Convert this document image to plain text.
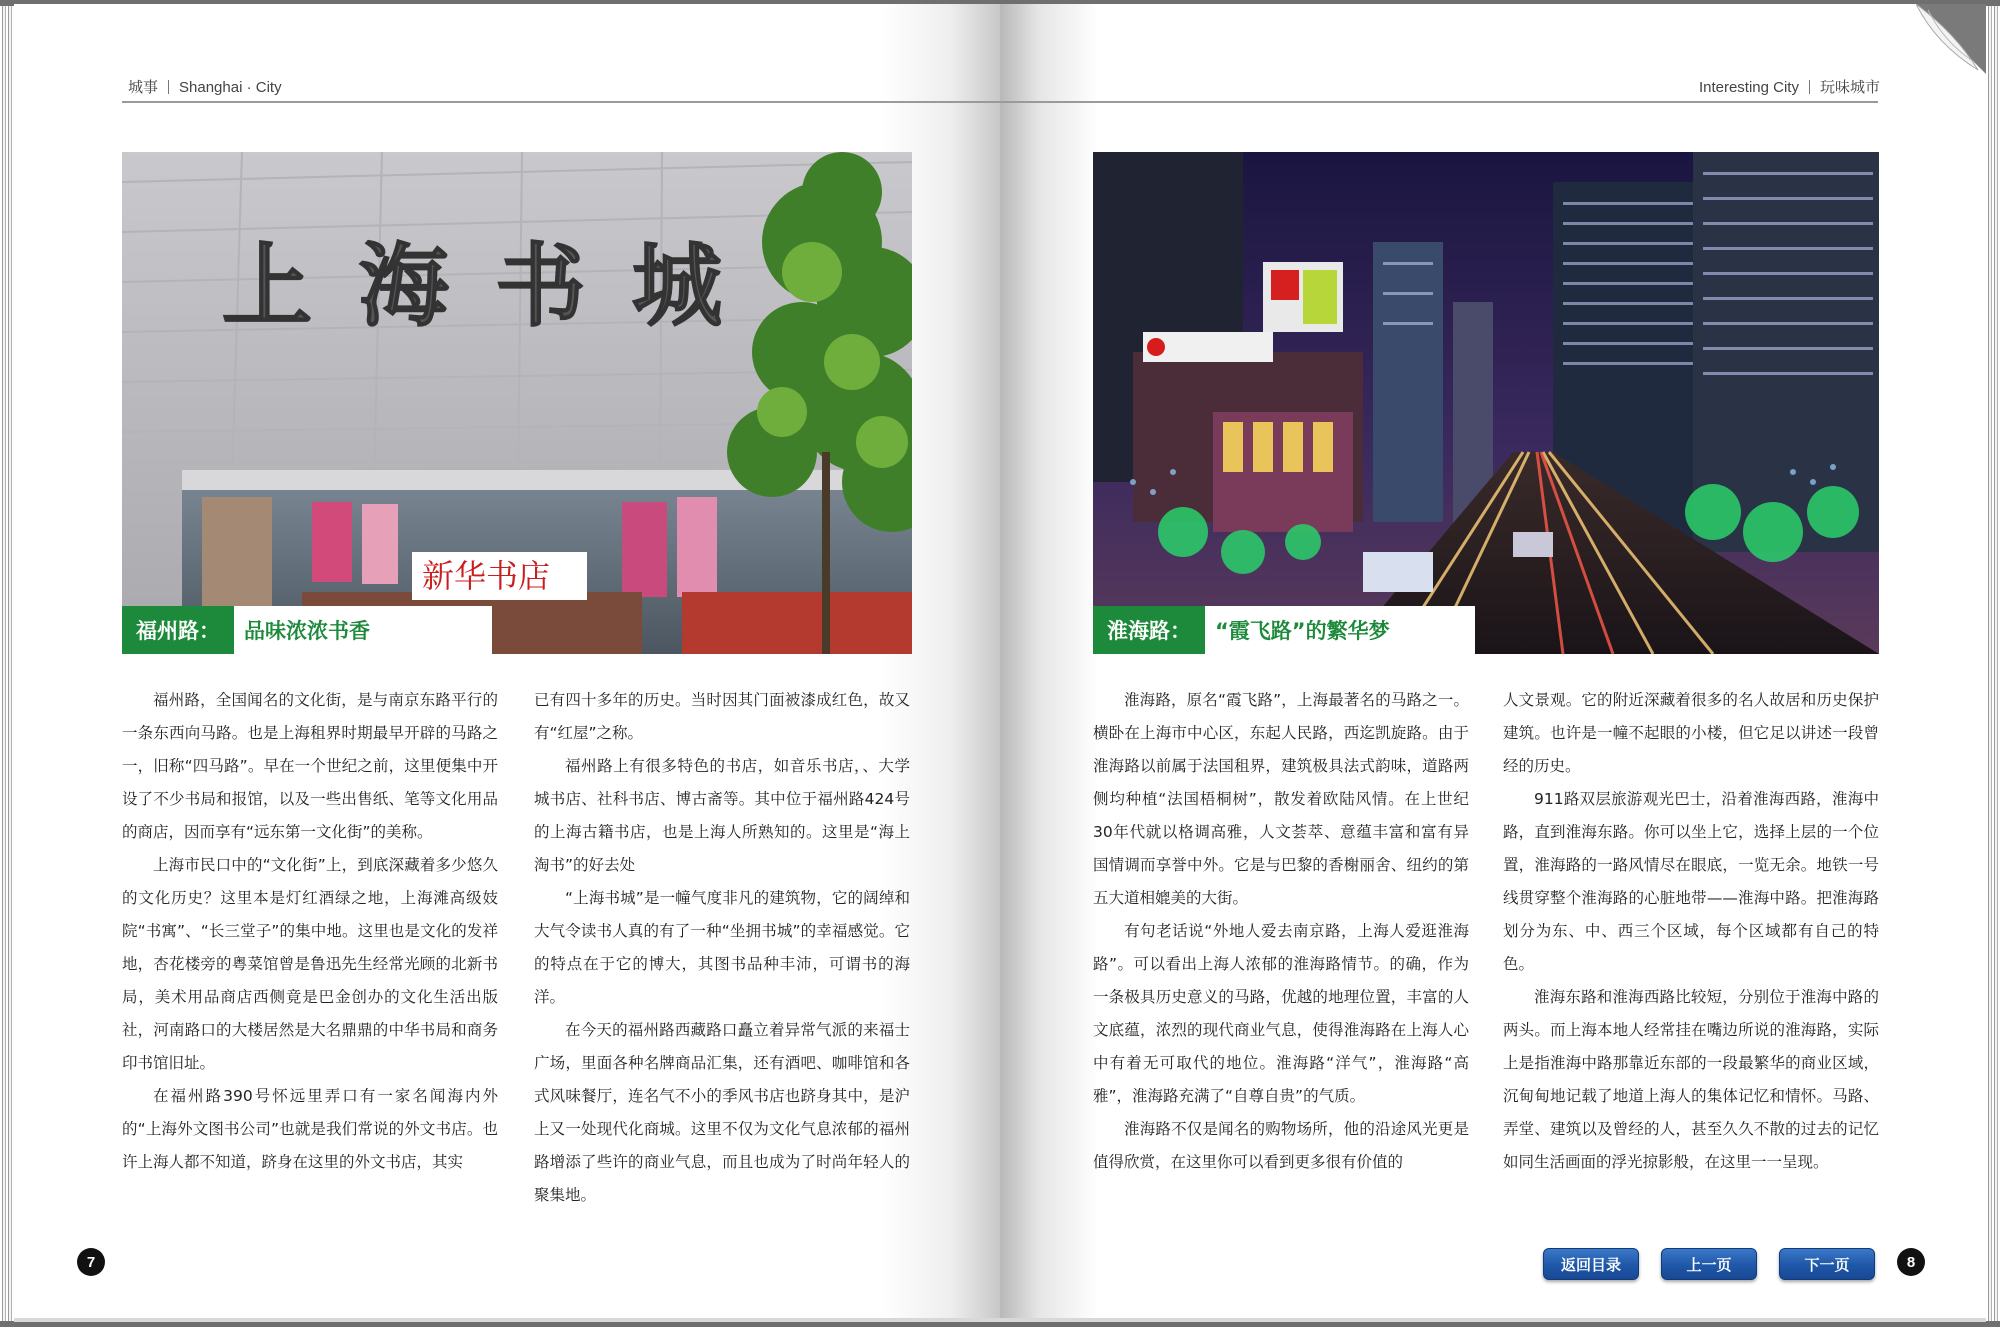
城事 Shanghai · City
上海书城
新华书店
福州路：	品味浓浓书香

福州路，全国闻名的文化街，是与南京东路平行的一条东西向马路。也是上海租界时期最早开辟的马路之一，旧称“四马路”。早在一个世纪之前，这里便集中开设了不少书局和报馆，以及一些出售纸、笔等文化用品的商店，因而享有“远东第一文化街”的美称。

上海市民口中的“文化街”上，到底深藏着多少悠久的文化历史？这里本是灯红酒绿之地，上海滩高级妓院“书寓”、“长三堂子”的集中地。这里也是文化的发祥地，杏花楼旁的粤菜馆曾是鲁迅先生经常光顾的北新书局，美术用品商店西侧竟是巴金创办的文化生活出版社，河南路口的大楼居然是大名鼎鼎的中华书局和商务印书馆旧址。

在福州路390号怀远里弄口有一家名闻海内外的“上海外文图书公司”也就是我们常说的外文书店。也许上海人都不知道，跻身在这里的外文书店，其实

已有四十多年的历史。当时因其门面被漆成红色，故又有“红屋”之称。

福州路上有很多特色的书店，如音乐书店，、大学城书店、社科书店、博古斋等。其中位于福州路424号的上海古籍书店，也是上海人所熟知的。这里是“海上淘书”的好去处

“上海书城”是一幢气度非凡的建筑物，它的阔绰和大气令读书人真的有了一种“坐拥书城”的幸福感觉。它的特点在于它的博大，其图书品种丰沛，可谓书的海洋。

在今天的福州路西藏路口矗立着异常气派的来福士广场，里面各种名牌商品汇集，还有酒吧、咖啡馆和各式风味餐厅，连名气不小的季风书店也跻身其中，是沪上又一处现代化商城。这里不仅为文化气息浓郁的福州路增添了些许的商业气息，而且也成为了时尚年轻人的聚集地。

7
Interesting City 玩味城市
淮海路：	“霞飞路”的繁华梦

淮海路，原名“霞飞路”，上海最著名的马路之一。横卧在上海市中心区，东起人民路，西迄凯旋路。由于淮海路以前属于法国租界，建筑极具法式韵味，道路两侧均种植“法国梧桐树”，散发着欧陆风情。在上世纪30年代就以格调高雅，人文荟萃、意蕴丰富和富有异国情调而享誉中外。它是与巴黎的香榭丽舍、纽约的第五大道相媲美的大街。

有句老话说“外地人爱去南京路，上海人爱逛淮海路”。可以看出上海人浓郁的淮海路情节。的确，作为一条极具历史意义的马路，优越的地理位置，丰富的人文底蕴，浓烈的现代商业气息，使得淮海路在上海人心中有着无可取代的地位。淮海路“洋气”，淮海路“高雅”，淮海路充满了“自尊自贵”的气质。

淮海路不仅是闻名的购物场所，他的沿途风光更是值得欣赏，在这里你可以看到更多很有价值的

人文景观。它的附近深藏着很多的名人故居和历史保护建筑。也许是一幢不起眼的小楼，但它足以讲述一段曾经的历史。

911路双层旅游观光巴士，沿着淮海西路，淮海中路，直到淮海东路。你可以坐上它，选择上层的一个位置，淮海路的一路风情尽在眼底，一览无余。地铁一号线贯穿整个淮海路的心脏地带——淮海中路。把淮海路划分为东、中、西三个区域，每个区域都有自己的特色。

淮海东路和淮海西路比较短，分别位于淮海中路的两头。而上海本地人经常挂在嘴边所说的淮海路，实际上是指淮海中路那靠近东部的一段最繁华的商业区域，沉甸甸地记载了地道上海人的集体记忆和情怀。马路、弄堂、建筑以及曾经的人，甚至久久不散的过去的记忆如同生活画面的浮光掠影般，在这里一一呈现。

返回目录	上一页	下一页	8
